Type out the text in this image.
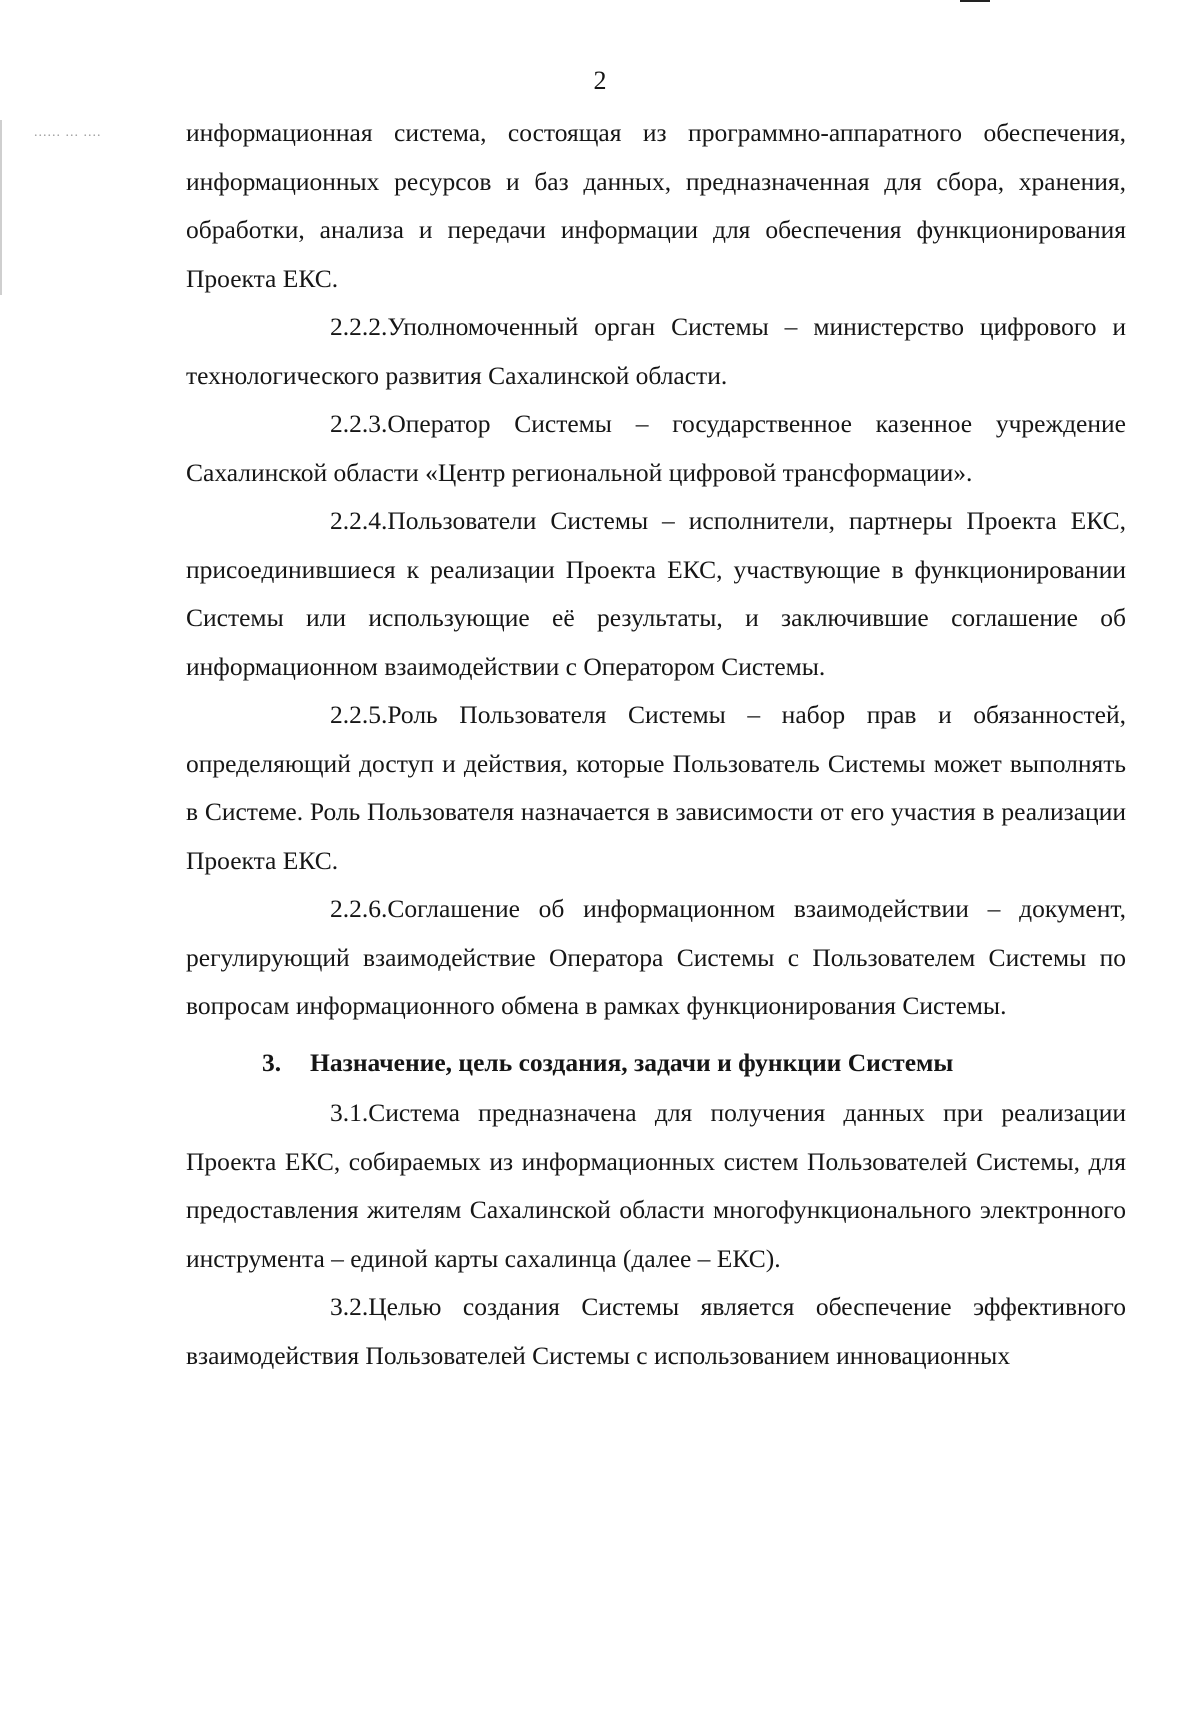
2
...... ... ....	информационная система, состоящая из программно-аппаратного обеспечения, информационных ресурсов и баз данных, предназначенная для сбора, хранения, обработки, анализа и передачи информации для обеспечения функционирования Проекта ЕКС.

2.2.2.Уполномоченный орган Системы – министерство цифрового и технологического развития Сахалинской области.

2.2.3.Оператор Системы – государственное казенное учреждение Сахалинской области «Центр региональной цифровой трансформации».

2.2.4.Пользователи Системы – исполнители, партнеры Проекта ЕКС, присоединившиеся к реализации Проекта ЕКС, участвующие в функционировании Системы или использующие её результаты, и заключившие соглашение об информационном взаимодействии с Оператором Системы.

2.2.5.Роль Пользователя Системы – набор прав и обязанностей, определяющий доступ и действия, которые Пользователь Системы может выполнять в Системе. Роль Пользователя назначается в зависимости от его участия в реализации Проекта ЕКС.

2.2.6.Соглашение об информационном взаимодействии – документ, регулирующий взаимодействие Оператора Системы с Пользователем Системы по вопросам информационного обмена в рамках функционирования Системы.

3.	Назначение, цель создания, задачи и функции Системы

3.1.Система предназначена для получения данных при реализации Проекта ЕКС, собираемых из информационных систем Пользователей Системы, для предоставления жителям Сахалинской области многофункционального электронного инструмента – единой карты сахалинца (далее – ЕКС).

3.2.Целью создания Системы является обеспечение эффективного взаимодействия Пользователей Системы с использованием инновационных
